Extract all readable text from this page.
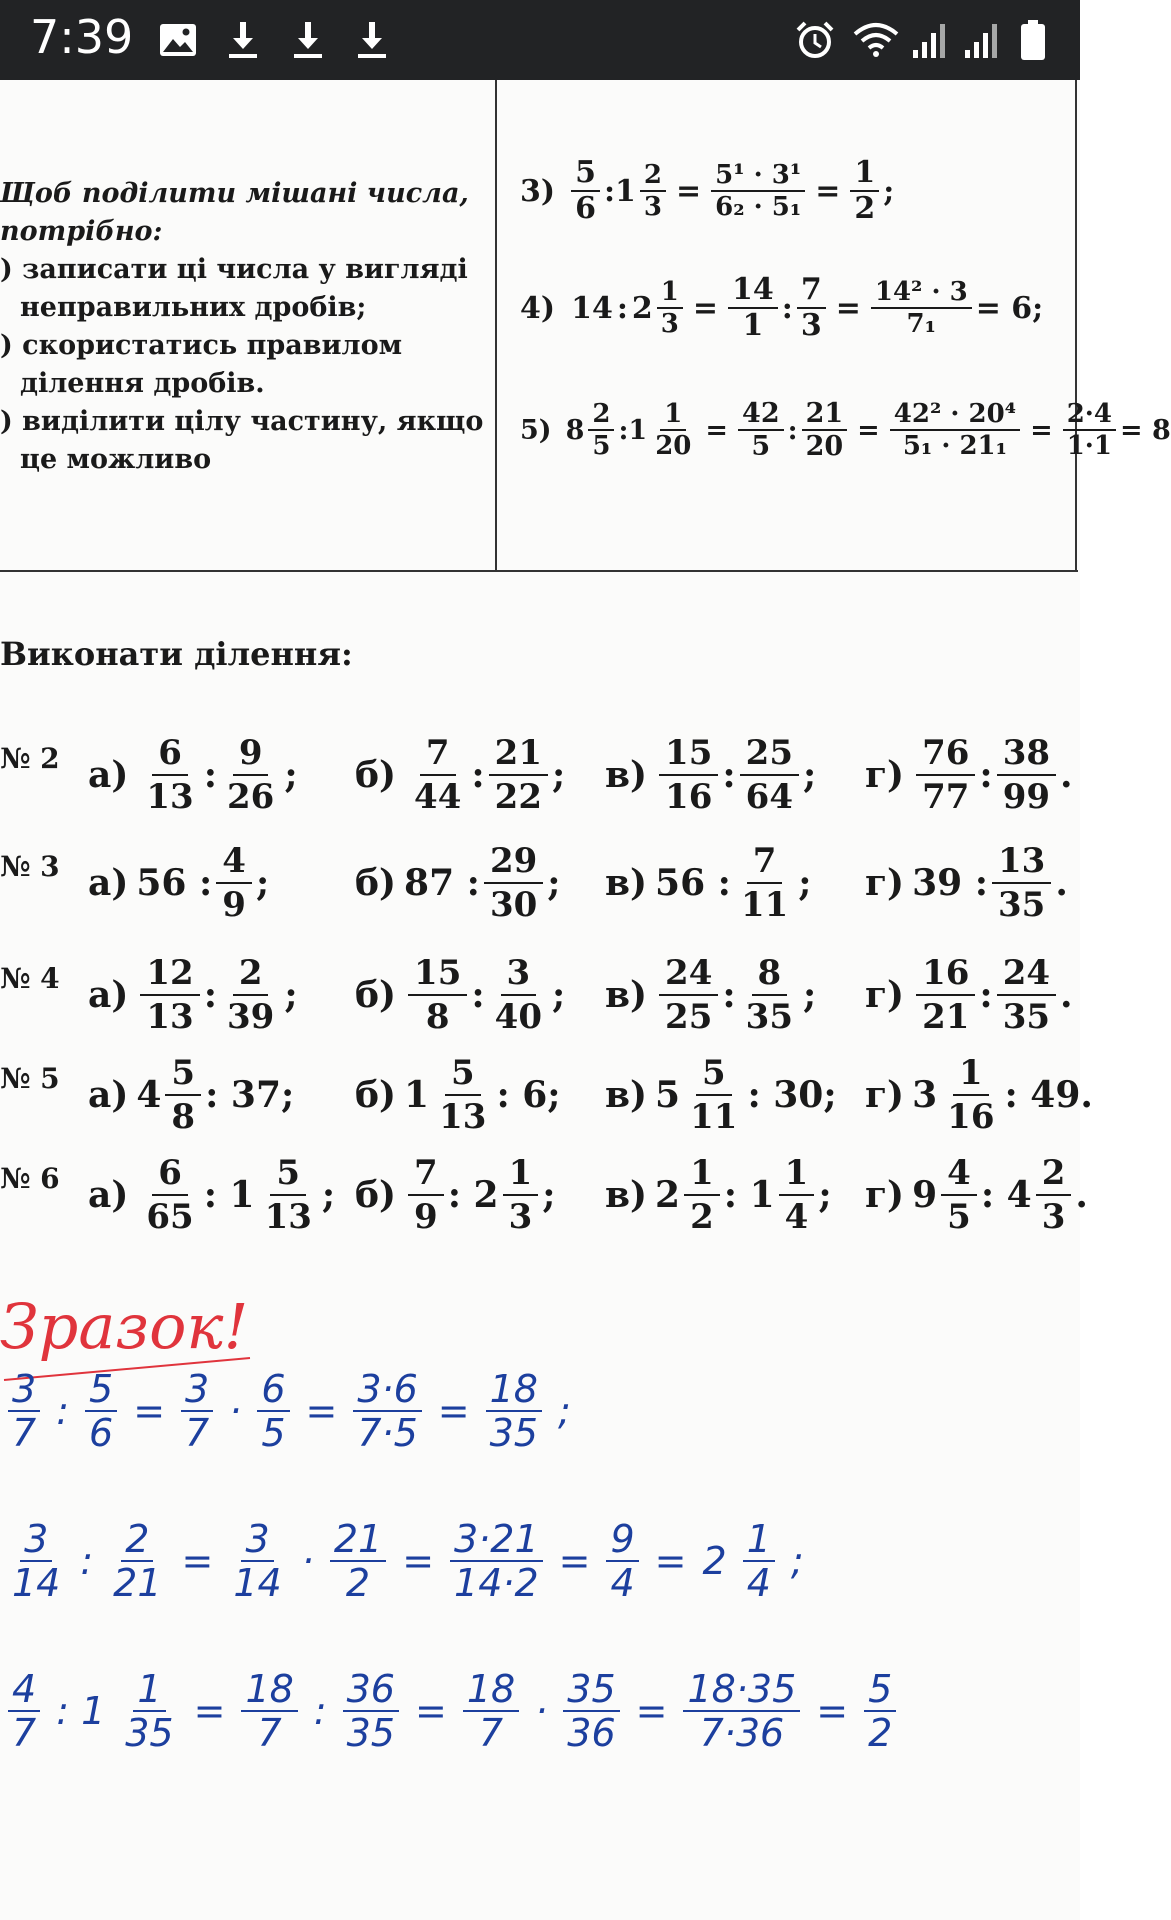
7:39
Щоб поділити мішані числа, потрібно:
) записати ці числа у вигляді неправильних дробів;
) скористатись правилом ділення дробів.
) виділити цілу частину, якщо це можливо
$3) \frac{5}{6}$ : $1 \frac{2}{3} = \frac{\text{5¹ · 3¹}}{\text{6₂ · 5₁}} = \frac{1}{2}$ ;
4) 14 : $2 \frac{1}{3} = \frac{14}{1}$ : $\frac{7}{3} = \frac{\text{14² · 3}}{\text{7₁}} = 6$;
5) $8 \frac{2}{5}$ : $1 \frac{1}{20} = \frac{42}{5}$ : $\frac{21}{20} = \frac{\text{42² · 20⁴}}{\text{5₁ · 21₁}} = \frac{2\cdot 4}{1\cdot 1} = 8$
Виконати ділення:
№ 2 $а) \frac{6}{13}$ : $\frac{9}{26}$ ; $б) \frac{7}{44}$ : $\frac{21}{22}$ ; $в) \frac{15}{16}$ : $\frac{25}{64}$ ; $г) \frac{76}{77}$ : $\frac{38}{99}$ .
№ 3 а) 56 : $\frac{4}{9}$ ; б) 87 : $\frac{29}{30}$ ; в) 56 : $\frac{7}{11}$ ; г) 39 : $\frac{13}{35}$ .
№ 4 $а) \frac{12}{13}$ : $\frac{2}{39}$ ; $б) \frac{15}{8}$ : $\frac{3}{40}$ ; $в) \frac{24}{25}$ : $\frac{8}{35}$ ; $г) \frac{16}{21}$ : $\frac{24}{35}$ .
№ 5 а) $4 \frac{5}{8}$ : 37; б) $1 \frac{5}{13}$ : 6; в) $5 \frac{5}{11}$ : 30; г) $3 \frac{1}{16}$ : 49.
№ 6 $а) \frac{6}{65}$ : $1 \frac{5}{13}$ ; $б) \frac{7}{9}$ : $2 \frac{1}{3}$ ; в) $2 \frac{1}{2}$ : $1 \frac{1}{4}$ ; г) $9 \frac{4}{5}$ : $4 \frac{2}{3}$ .
Зразок!
$\frac{3}{7}$ : $\frac{5}{6} = \frac{3}{7} \cdot \frac{6}{5} = \frac{3\cdot 6}{7\cdot 5} = \frac{18}{35}$ ;
$\frac{3}{14}$ : $\frac{2}{21} = \frac{3}{14} \cdot \frac{21}{2} = \frac{3\cdot 21}{14\cdot 2} = \frac{9}{4} = 2 \frac{1}{4}$ ;
$\frac{4}{7}$ : $1 \frac{1}{35} = \frac{18}{7}$ : $\frac{36}{35} = \frac{18}{7} \cdot \frac{35}{36} = \frac{18\cdot 35}{7\cdot 36} = \frac{5}{2}$
